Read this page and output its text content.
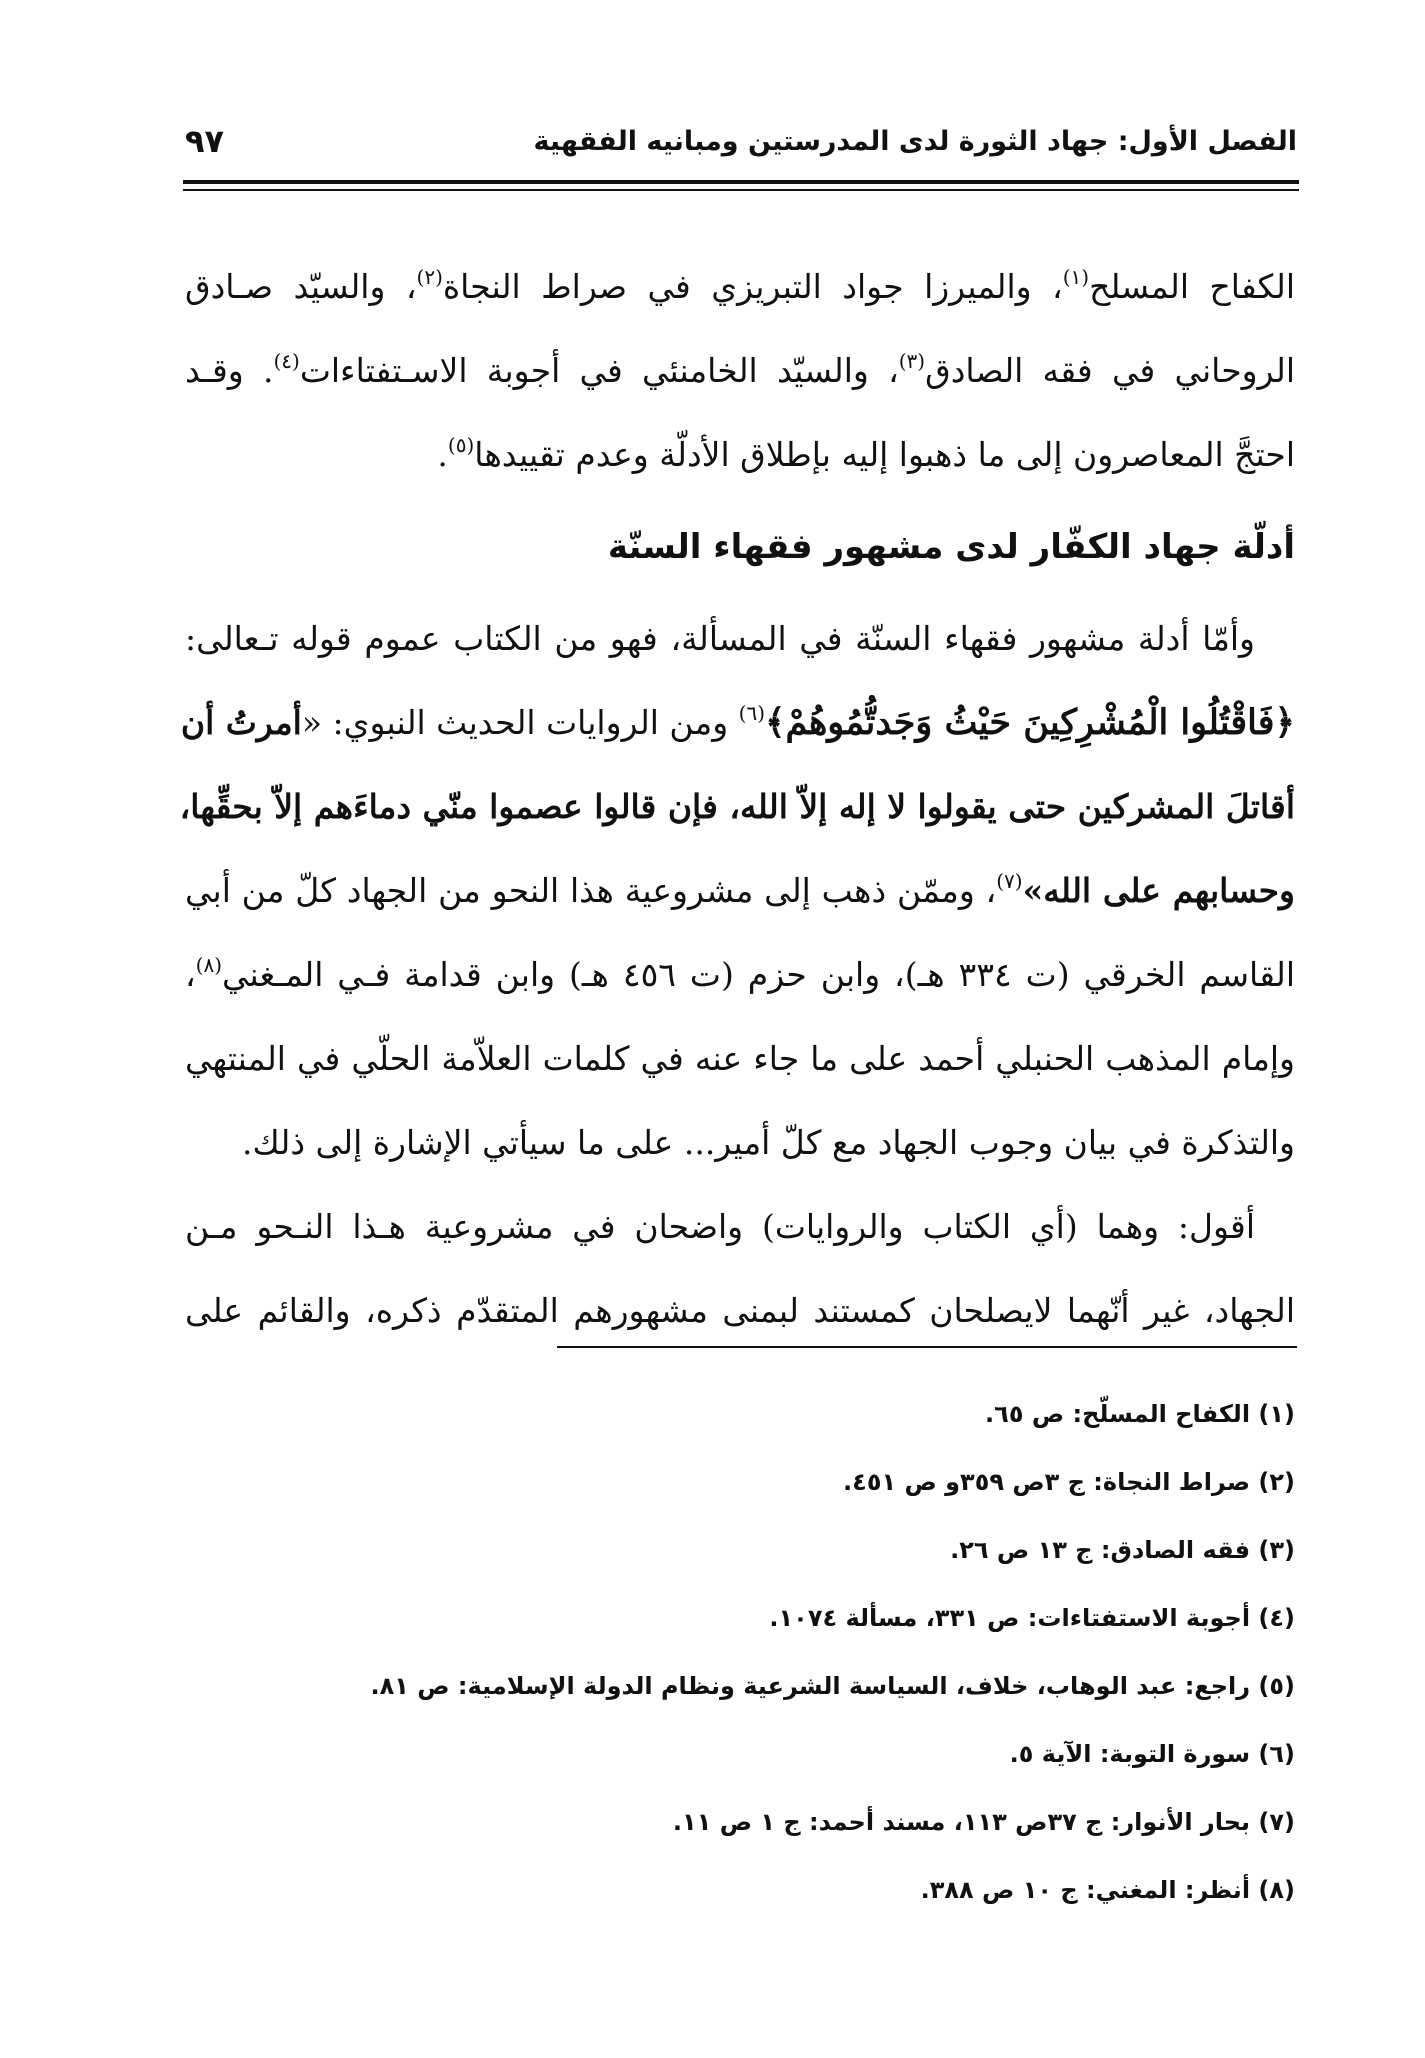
الفصل الأول: جهاد الثورة لدى المدرستين ومبانيه الفقهية
٩٧
الكفاح المسلح$^{(١)}$، والميرزا جواد التبريزي في صراط النجاة$^{(٢)}$، والسيّد صـادق
الروحاني في فقه الصادق$^{(٣)}$، والسيّد الخامنئي في أجوبة الاسـتفتاءات$^{(٤)}$. وقـد
احتجَّ المعاصرون إلى ما ذهبوا إليه بإطلاق الأدلّة وعدم تقييدها$^{(٥)}$.
أدلّة جهاد الكفّار لدى مشهور فقهاء السنّة
وأمّا أدلة مشهور فقهاء السنّة في المسألة، فهو من الكتاب عموم قوله تـعالى:
﴿فَاقْتُلُوا الْمُشْرِكِينَ حَيْثُ وَجَدتُّمُوهُمْ﴾$^{(٦)}$ ومن الروايات الحديث النبوي: «أمرتُ أن
أقاتلَ المشركين حتى يقولوا لا إله إلاّ الله، فإن قالوا عصموا منّي دماءَهم إلاّ بحقِّها،
وحسابهم على الله»$^{(٧)}$، وممّن ذهب إلى مشروعية هذا النحو من الجهاد كلّ من أبي
القاسم الخرقي (ت ٣٣٤ هـ)، وابن حزم (ت ٤٥٦ هـ) وابن قدامة فـي المـغني$^{(٨)}$،
وإمام المذهب الحنبلي أحمد على ما جاء عنه في كلمات العلاّمة الحلّي في المنتهي
والتذكرة في بيان وجوب الجهاد مع كلّ أمير... على ما سيأتي الإشارة إلى ذلك.
أقول: وهما (أي الكتاب والروايات) واضحان في مشروعية هـذا النـحو مـن
الجهاد، غير أنّهما لايصلحان كمستند لبمنى مشهورهم المتقدّم ذكره، والقائم على
(١) الكفاح المسلّح: ص ٦٥.
(٢) صراط النجاة: ج ٣ص ٣٥٩و ص ٤٥١.
(٣) فقه الصادق: ج ١٣ ص ٢٦.
(٤) أجوبة الاستفتاءات: ص ٣٣١، مسألة ١٠٧٤.
(٥) راجع: عبد الوهاب، خلاف، السياسة الشرعية ونظام الدولة الإسلامية: ص ٨١.
(٦) سورة التوبة: الآية ٥.
(٧) بحار الأنوار: ج ٣٧ص ١١٣، مسند أحمد: ج ١ ص ١١.
(٨) أنظر: المغني: ج ١٠ ص ٣٨٨.
